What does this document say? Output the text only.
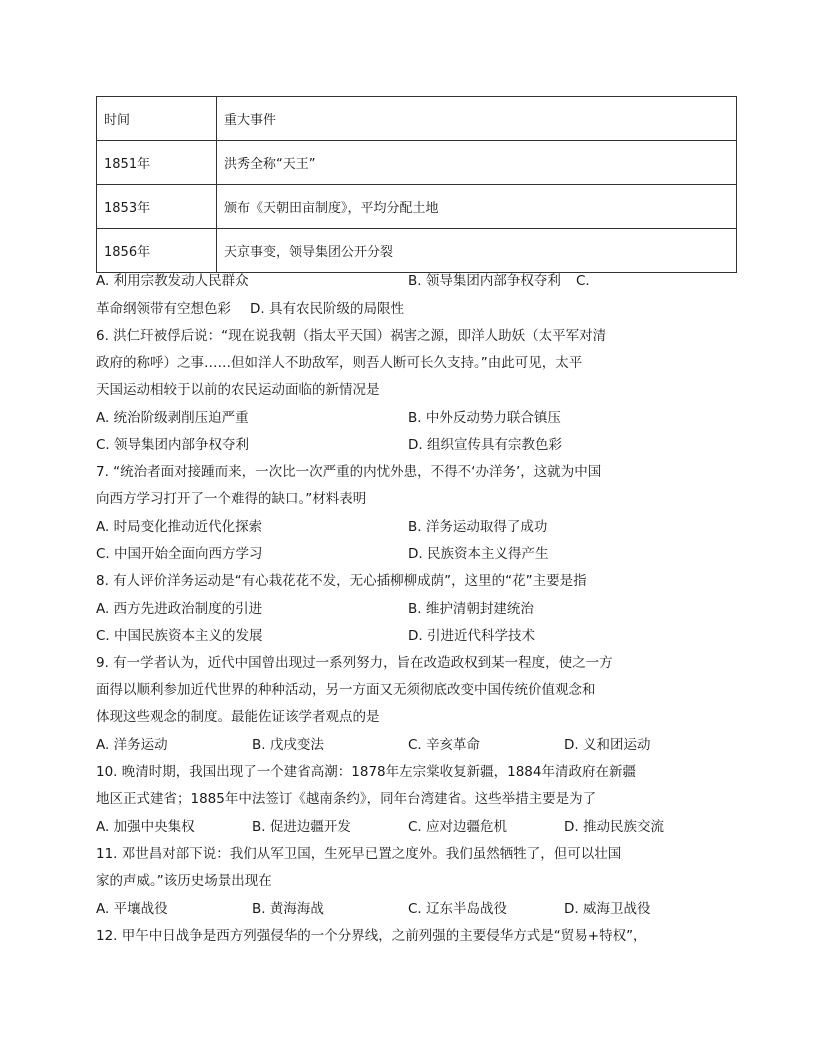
时间	重大事件
1851年	洪秀全称“天王”
1853年	颁布《天朝田亩制度》，平均分配土地
1856年	天京事变，领导集团公开分裂
A. 利用宗教发动人民群众	B. 领导集团内部争权夺利 C.
革命纲领带有空想色彩 D. 具有农民阶级的局限性
6. 洪仁玕被俘后说：“现在说我朝（指太平天国）祸害之源，即洋人助妖（太平军对清
政府的称呼）之事……但如洋人不助敌军，则吾人断可长久支持。”由此可见，太平
天国运动相较于以前的农民运动面临的新情况是
A. 统治阶级剥削压迫严重	B. 中外反动势力联合镇压
C. 领导集团内部争权夺利	D. 组织宣传具有宗教色彩
7. “统治者面对接踵而来，一次比一次严重的内忧外患，不得不‘办洋务’，这就为中国
向西方学习打开了一个难得的缺口。”材料表明
A. 时局变化推动近代化探索	B. 洋务运动取得了成功
C. 中国开始全面向西方学习	D. 民族资本主义得产生
8. 有人评价洋务运动是“有心栽花花不发，无心插柳柳成荫”，这里的“花”主要是指
A. 西方先进政治制度的引进	B. 维护清朝封建统治
C. 中国民族资本主义的发展	D. 引进近代科学技术
9. 有一学者认为，近代中国曾出现过一系列努力，旨在改造政权到某一程度，使之一方
面得以顺利参加近代世界的种种活动，另一方面又无须彻底改变中国传统价值观念和
体现这些观念的制度。最能佐证该学者观点的是
A. 洋务运动	B. 戊戌变法	C. 辛亥革命	D. 义和团运动
10. 晚清时期，我国出现了一个建省高潮：1878年左宗棠收复新疆，1884年清政府在新疆
地区正式建省；1885年中法签订《越南条约》，同年台湾建省。这些举措主要是为了
A. 加强中央集权	B. 促进边疆开发	C. 应对边疆危机	D. 推动民族交流
11. 邓世昌对部下说：我们从军卫国，生死早已置之度外。我们虽然牺牲了，但可以壮国
家的声威。”该历史场景出现在
A. 平壤战役	B. 黄海海战	C. 辽东半岛战役	D. 威海卫战役
12. 甲午中日战争是西方列强侵华的一个分界线，之前列强的主要侵华方式是“贸易+特权”，
